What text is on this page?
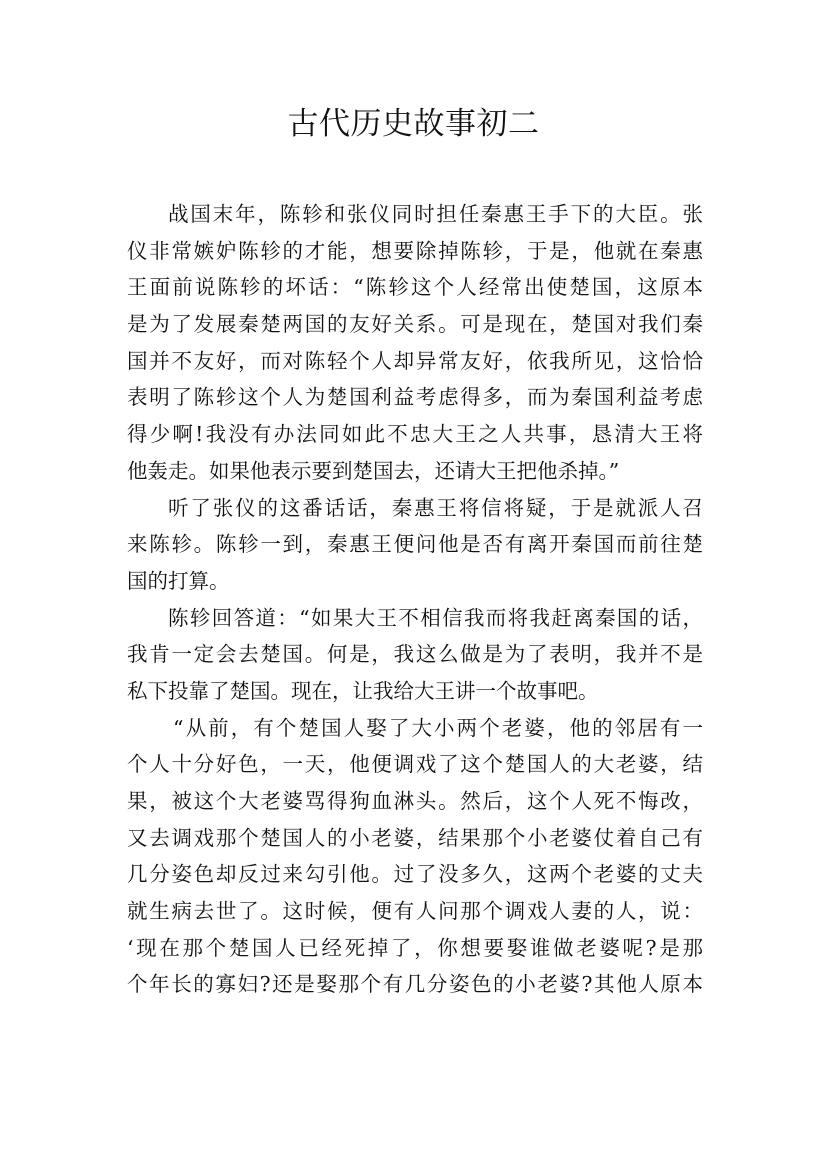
古代历史故事初二
战国末年，陈轸和张仪同时担任秦惠王手下的大臣。张
仪非常嫉妒陈轸的才能，想要除掉陈轸，于是，他就在秦惠
王面前说陈轸的坏话：“陈轸这个人经常出使楚国，这原本
是为了发展秦楚两国的友好关系。可是现在，楚国对我们秦
国并不友好，而对陈轻个人却异常友好，依我所见，这恰恰
表明了陈轸这个人为楚国利益考虑得多，而为秦国利益考虑
得少啊!我没有办法同如此不忠大王之人共事，恳清大王将
他轰走。如果他表示要到楚国去，还请大王把他杀掉。”
听了张仪的这番话话，秦惠王将信将疑，于是就派人召
来陈轸。陈轸一到，秦惠王便问他是否有离开秦国而前往楚
国的打算。
陈轸回答道：“如果大王不相信我而将我赶离秦国的话，
我肯一定会去楚国。何是，我这么做是为了表明，我并不是
私下投靠了楚国。现在，让我给大王讲一个故事吧。
“从前，有个楚国人娶了大小两个老婆，他的邻居有一
个人十分好色，一天，他便调戏了这个楚国人的大老婆，结
果，被这个大老婆骂得狗血淋头。然后，这个人死不悔改，
又去调戏那个楚国人的小老婆，结果那个小老婆仗着自己有
几分姿色却反过来勾引他。过了没多久，这两个老婆的丈夫
就生病去世了。这时候，便有人问那个调戏人妻的人，说：
‘现在那个楚国人已经死掉了，你想要娶谁做老婆呢?是那
个年长的寡妇?还是娶那个有几分姿色的小老婆?其他人原本
